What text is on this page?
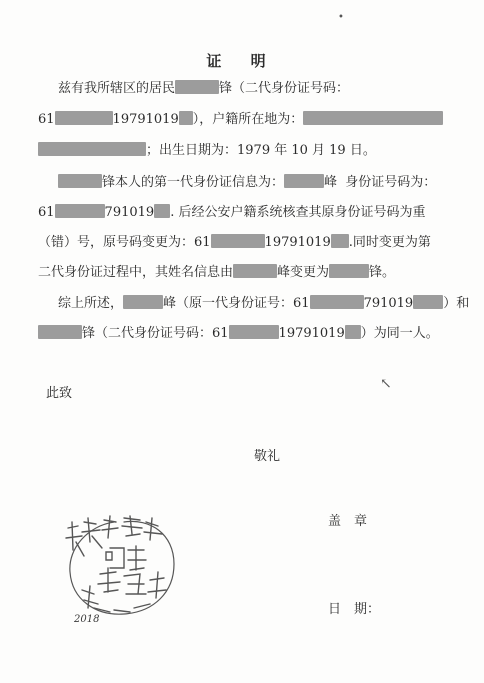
•
证 明
兹有我所辖区的居民	锋（二代身份证号码：
61	19791019 ），户籍所在地为：
；出生日期为：1979 年 10 月 19 日。
锋本人的第一代身份证信息为：	峰 身份证号码为：
61	791019 . 后经公安户籍系统核查其原身份证号码为重
（错）号，原号码变更为：61	19791019 .同时变更为第
二代身份证过程中，其姓名信息由	峰变更为	锋。
综上所述，	峰（原一代身份证号：61	791019 ）和
锋（二代身份证号码：61	19791019 ）为同一人。
↖
此致
敬礼
盖　章
日　期：
2018
